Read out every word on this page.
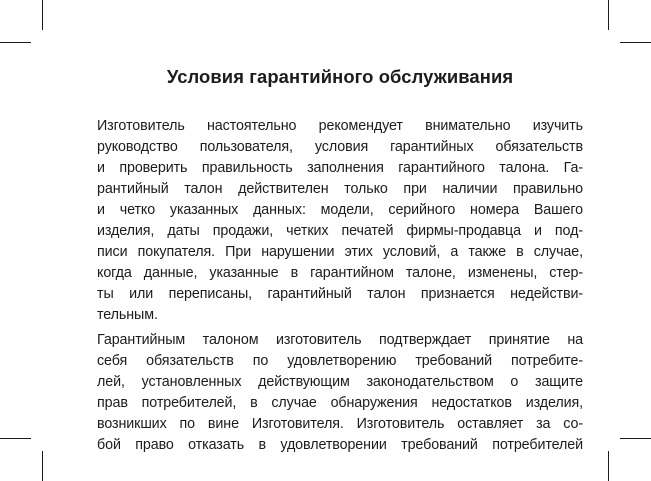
Условия гарантийного обслуживания

Изготовитель настоятельно рекомендует внимательно изучить
руководство пользователя, условия гарантийных обязательств
и проверить правильность заполнения гарантийного талона. Га-
рантийный талон действителен только при наличии правильно
и четко указанных данных: модели, серийного номера Вашего
изделия, даты продажи, четких печатей фирмы-продавца и под-
писи покупателя. При нарушении этих условий, а также в случае,
когда данные, указанные в гарантийном талоне, изменены, стер-
ты или переписаны, гарантийный талон признается недействи-
тельным.

Гарантийным талоном изготовитель подтверждает принятие на
себя обязательств по удовлетворению требований потребите-
лей, установленных действующим законодательством о защите
прав потребителей, в случае обнаружения недостатков изделия,
возникших по вине Изготовителя. Изготовитель оставляет за со-
бой право отказать в удовлетворении требований потребителей
